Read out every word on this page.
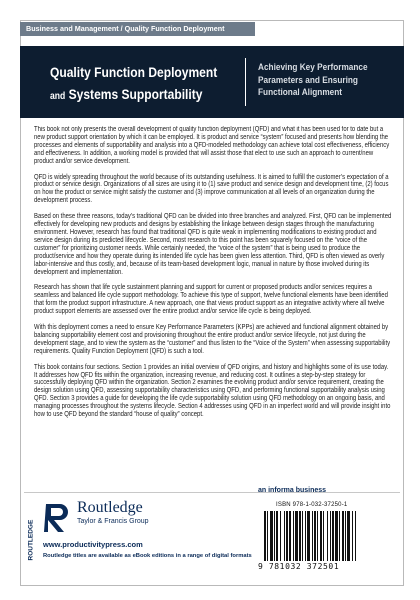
Business and Management / Quality Function Deployment
Quality Function Deployment
and Systems Supportability
Achieving Key Performance Parameters and Ensuring Functional Alignment

This book not only presents the overall development of quality function deployment (QFD) and what it has been used for to date but a new product support orientation by which it can be employed. It is product and service “system” focused and presents how blending the processes and elements of supportability and analysis into a QFD-modeled methodology can achieve total cost effectiveness, efficiency and effectiveness. In addition, a working model is provided that will assist those that elect to use such an approach to current/new product and/or service development.

QFD is widely spreading throughout the world because of its outstanding usefulness. It is aimed to fulfill the customer’s expectation of a product or service design. Organizations of all sizes are using it to (1) save product and service design and development time, (2) focus on how the product or service might satisfy the customer and (3) improve communication at all levels of an organization during the development process.

Based on these three reasons, today’s traditional QFD can be divided into three branches and analyzed. First, QFD can be implemented effectively for developing new products and designs by establishing the linkage between design stages through the manufacturing environment. However, research has found that traditional QFD is quite weak in implementing modifications to existing product and service design during its predicted lifecycle. Second, most research to this point has been squarely focused on the “voice of the customer” for prioritizing customer needs. While certainly needed, the “voice of the system” that is being used to produce the product/service and how they operate during its intended life cycle has been given less attention. Third, QFD is often viewed as overly labor-intensive and thus costly, and, because of its team-based development logic, manual in nature by those involved during its development and implementation.

Research has shown that life cycle sustainment planning and support for current or proposed products and/or services requires a seamless and balanced life cycle support methodology. To achieve this type of support, twelve functional elements have been identified that form the product support infrastructure. A new approach, one that views product support as an integrative activity where all twelve product support elements are assessed over the entire product and/or service life cycle is being deployed.

With this deployment comes a need to ensure Key Performance Parameters (KPPs) are achieved and functional alignment obtained by balancing supportability element cost and provisioning throughout the entire product and/or service lifecycle, not just during the development stage, and to view the system as the “customer” and thus listen to the “Voice of the System” when assessing supportability requirements. Quality Function Deployment (QFD) is such a tool.

This book contains four sections. Section 1 provides an initial overview of QFD origins, and history and highlights some of its use today. It addresses how QFD fits within the organization, increasing revenue, and reducing cost. It outlines a step-by-step strategy for successfully deploying QFD within the organization. Section 2 examines the evolving product and/or service requirement, creating the design solution using QFD, assessing supportability characteristics using QFD, and performing functional supportability analysis using QFD. Section 3 provides a guide for developing the life cycle supportability solution using QFD methodology on an ongoing basis, and managing processes throughout the systems lifecycle. Section 4 addresses using QFD in an imperfect world and will provide insight into how to use QFD beyond the standard “house of quality” concept.

ROUTLEDGE
Routledge
Taylor & Francis Group
www.productivitypress.com
Routledge titles are available as eBook editions in a range of digital formats
an informa business
ISBN 978-1-032-37250-1
9 781032 372501
